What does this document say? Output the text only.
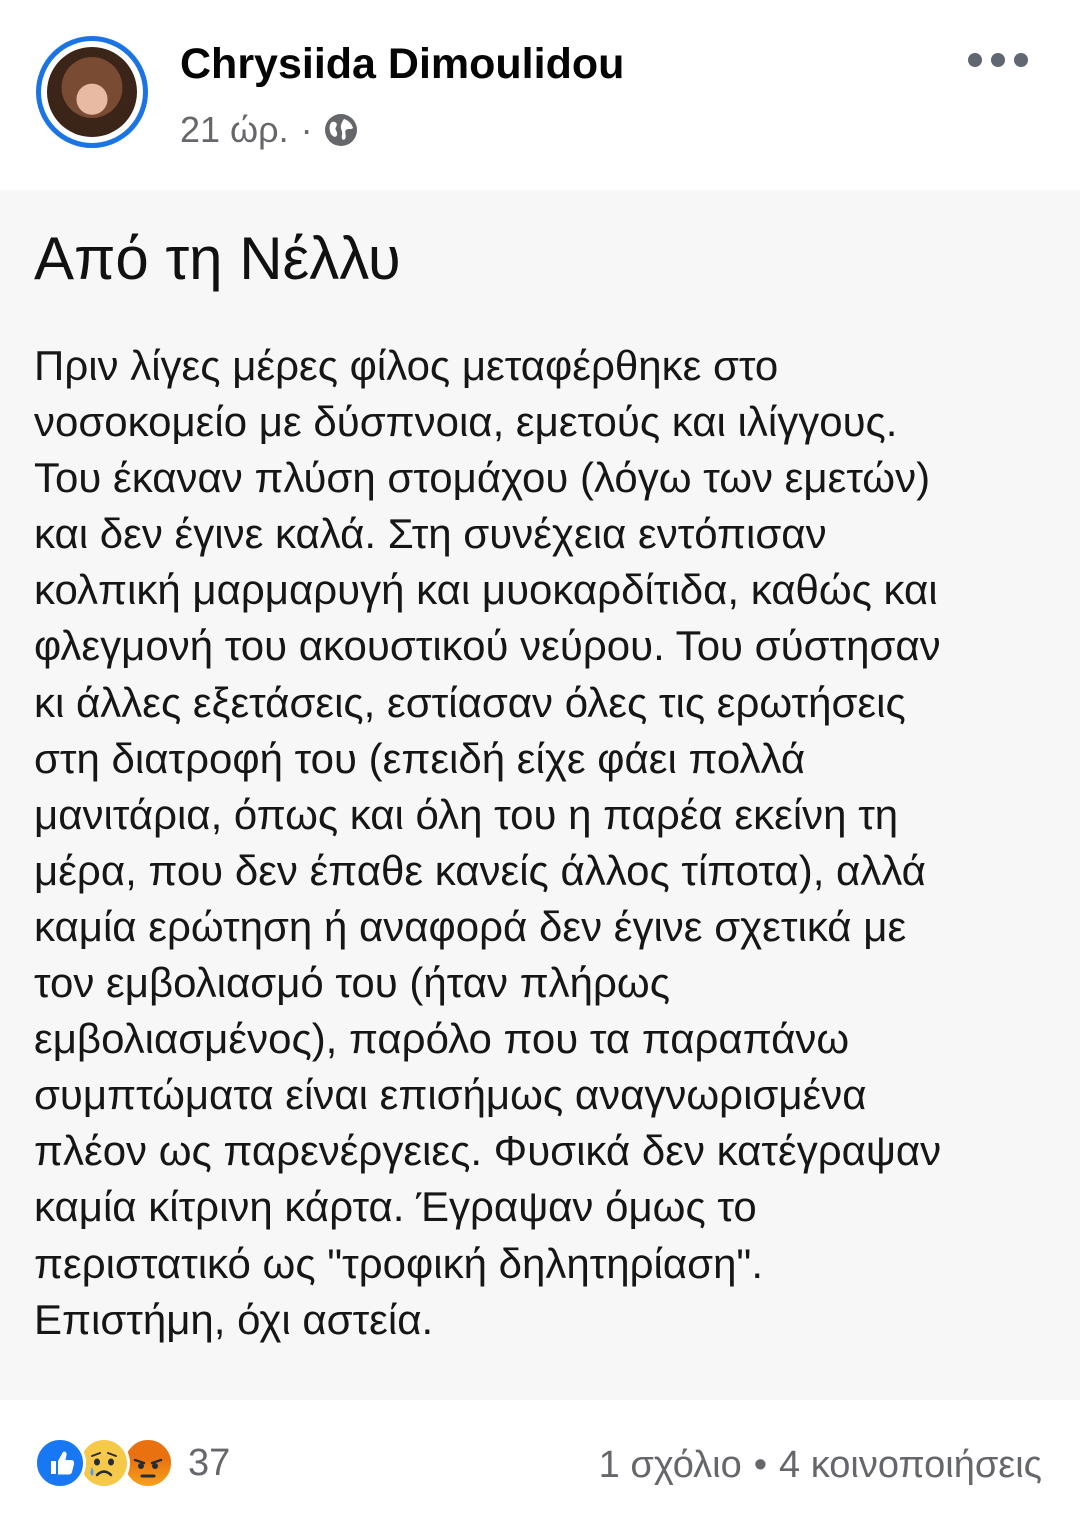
Chrysiida Dimoulidou
21 ώρ. ·
Από τη Νέλλυ
Πριν λίγες μέρες φίλος μεταφέρθηκε στο
νοσοκομείο με δύσπνοια, εμετούς και ιλίγγους.
Του έκαναν πλύση στομάχου (λόγω των εμετών)
και δεν έγινε καλά. Στη συνέχεια εντόπισαν
κολπική μαρμαρυγή και μυοκαρδίτιδα, καθώς και
φλεγμονή του ακουστικού νεύρου. Του σύστησαν
κι άλλες εξετάσεις, εστίασαν όλες τις ερωτήσεις
στη διατροφή του (επειδή είχε φάει πολλά
μανιτάρια, όπως και όλη του η παρέα εκείνη τη
μέρα, που δεν έπαθε κανείς άλλος τίποτα), αλλά
καμία ερώτηση ή αναφορά δεν έγινε σχετικά με
τον εμβολιασμό του (ήταν πλήρως
εμβολιασμένος), παρόλο που τα παραπάνω
συμπτώματα είναι επισήμως αναγνωρισμένα
πλέον ως παρενέργειες. Φυσικά δεν κατέγραψαν
καμία κίτρινη κάρτα. Έγραψαν όμως το
περιστατικό ως "τροφική δηλητηρίαση".
Επιστήμη, όχι αστεία.
37	1 σχόλιο • 4 κοινοποιήσεις
